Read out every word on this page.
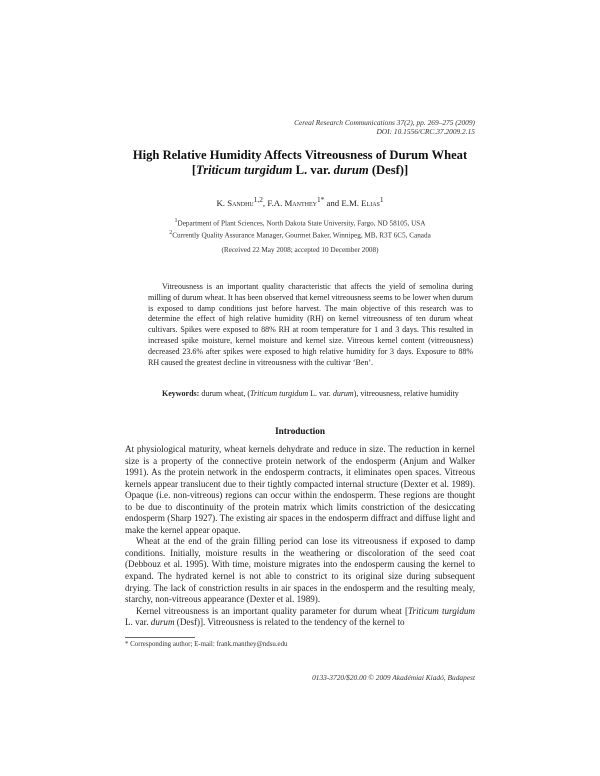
Cereal Research Communications 37(2), pp. 269–275 (2009)
DOI: 10.1556/CRC.37.2009.2.15
High Relative Humidity Affects Vitreousness of Durum Wheat
[Triticum turgidum L. var. durum (Desf)]
K. Sandhu$^{1,2}$, F.A. Manthey$^{1*}$ and E.M. Elias$^1$
$^1$Department of Plant Sciences, North Dakota State University, Fargo, ND 58105, USA
$^2$Currently Quality Assurance Manager, Gourmet Baker, Winnipeg, MB, R3T 6C5, Canada
(Received 22 May 2008; accepted 10 December 2008)

Vitreousness is an important quality characteristic that affects the yield of semolina during milling of durum wheat. It has been observed that kernel vitreousness seems to be lower when durum is exposed to damp conditions just before harvest. The main objective of this research was to determine the effect of high relative humidity (RH) on kernel vitreousness of ten durum wheat cultivars. Spikes were exposed to 88% RH at room temperature for 1 and 3 days. This resulted in increased spike moisture, kernel moisture and kernel size. Vitreous kernel content (vitreousness) decreased 23.6% after spikes were exposed to high relative humidity for 3 days. Exposure to 88% RH caused the greatest decline in vitreousness with the cultivar ‘Ben’.

Keywords: durum wheat, (Triticum turgidum L. var. durum), vitreousness, relative humidity

Introduction

At physiological maturity, wheat kernels dehydrate and reduce in size. The reduction in kernel size is a property of the connective protein network of the endosperm (Anjum and Walker 1991). As the protein network in the endosperm contracts, it eliminates open spaces. Vitreous kernels appear translucent due to their tightly compacted internal structure (Dexter et al. 1989). Opaque (i.e. non-vitreous) regions can occur within the endosperm. These regions are thought to be due to discontinuity of the protein matrix which limits constriction of the desiccating endosperm (Sharp 1927). The existing air spaces in the endosperm diffract and diffuse light and make the kernel appear opaque.

Wheat at the end of the grain filling period can lose its vitreousness if exposed to damp conditions. Initially, moisture results in the weathering or discoloration of the seed coat (Debbouz et al. 1995). With time, moisture migrates into the endosperm causing the kernel to expand. The hydrated kernel is not able to constrict to its original size during subsequent drying. The lack of constriction results in air spaces in the endosperm and the resulting mealy, starchy, non-vitreous appearance (Dexter et al. 1989).

Kernel vitreousness is an important quality parameter for durum wheat [Triticum turgidum L. var. durum (Desf)]. Vitreousness is related to the tendency of the kernel to

* Corresponding author; E-mail: frank.manthey@ndsu.edu
0133-3720/$20.00 © 2009 Akadémiai Kiadó, Budapest
